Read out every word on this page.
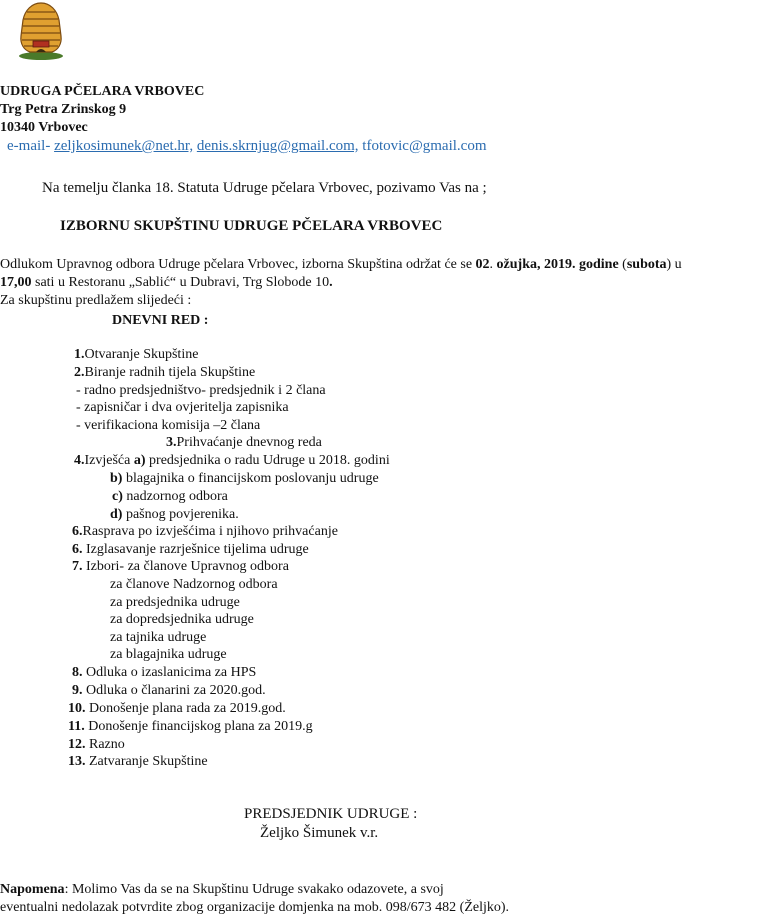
UDRUGA PČELARA VRBOVEC
Trg Petra Zrinskog 9
10340 Vrbovec
e-mail- zeljkosimunek@net.hr, denis.skrnjug@gmail.com, tfotovic@gmail.com
Na temelju članka 18. Statuta Udruge pčelara Vrbovec, pozivamo Vas na ;
IZBORNU SKUPŠTINU UDRUGE PČELARA VRBOVEC
Odlukom Upravnog odbora Udruge pčelara Vrbovec, izborna Skupština održat će se 02. ožujka, 2019. godine (subota) u
17,00 sati u Restoranu „Sablić“ u Dubravi, Trg Slobode 10.
Za skupštinu predlažem slijedeći :
DNEVNI RED :
1.Otvaranje Skupštine
2.Biranje radnih tijela Skupštine
- radno predsjedništvo- predsjednik i 2 člana
- zapisničar i dva ovjeritelja zapisnika
- verifikaciona komisija –2 člana
3.Prihvaćanje dnevnog reda
4.Izvješća a) predsjednika o radu Udruge u 2018. godini
b) blagajnika o financijskom poslovanju udruge
c) nadzornog odbora
d) pašnog povjerenika.
6.Rasprava po izvješćima i njihovo prihvaćanje
6. Izglasavanje razrješnice tijelima udruge
7. Izbori- za članove Upravnog odbora
za članove Nadzornog odbora
za predsjednika udruge
za dopredsjednika udruge
za tajnika udruge
za blagajnika udruge
8. Odluka o izaslanicima za HPS
9. Odluka o članarini za 2020.god.
10. Donošenje plana rada za 2019.god.
11. Donošenje financijskog plana za 2019.g
12. Razno
13. Zatvaranje Skupštine
PREDSJEDNIK UDRUGE :
Željko Šimunek v.r.
Napomena: Molimo Vas da se na Skupštinu Udruge svakako odazovete, a svoj
eventualni nedolazak potvrdite zbog organizacije domjenka na mob. 098/673 482 (Željko).
